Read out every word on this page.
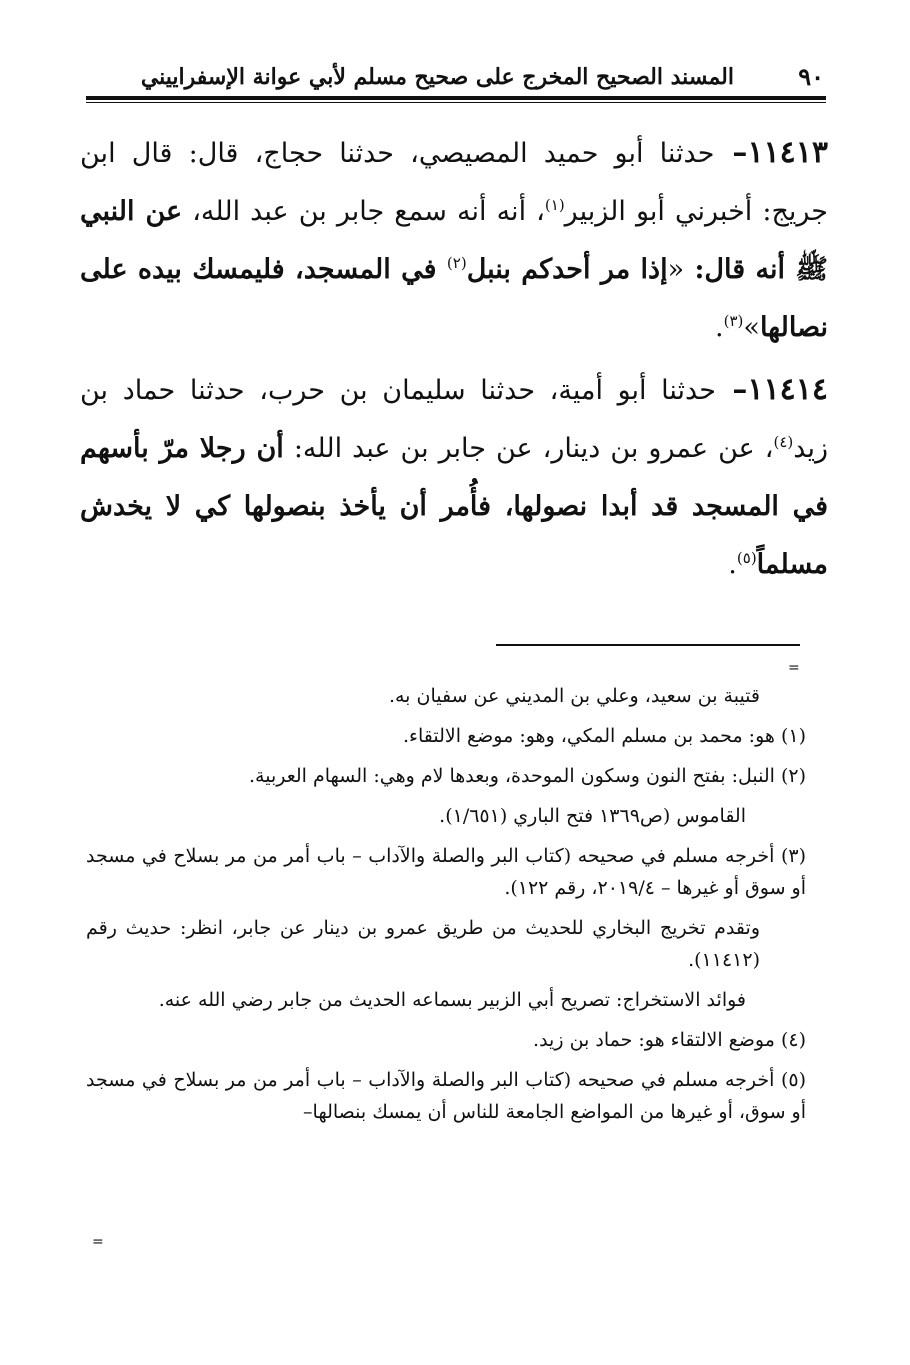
٩٠
المسند الصحيح المخرج على صحيح مسلم لأبي عوانة الإسفراييني

١١٤١٣– حدثنا أبو حميد المصيصي، حدثنا حجاج، قال: قال ابن جريج: أخبرني أبو الزبير$^{(١)}$، أنه أنه سمع جابر بن عبد الله، عن النبي ﷺ أنه قال: «إذا مر أحدكم بنبل$^{(٢)}$ في المسجد، فليمسك بيده على نصالها»$^{(٣)}$.

١١٤١٤– حدثنا أبو أمية، حدثنا سليمان بن حرب، حدثنا حماد بن زيد$^{(٤)}$، عن عمرو بن دينار، عن جابر بن عبد الله: أن رجلا مرّ بأسهم في المسجد قد أبدا نصولها، فأُمر أن يأخذ بنصولها كي لا يخدش مسلماً$^{(٥)}$.

=

قتيبة بن سعيد، وعلي بن المديني عن سفيان به.

(١) هو: محمد بن مسلم المكي، وهو: موضع الالتقاء.

(٢) النبل: بفتح النون وسكون الموحدة، وبعدها لام وهي: السهام العربية.

القاموس (ص١٣٦٩ فتح الباري (١/٦٥١).

(٣) أخرجه مسلم في صحيحه (كتاب البر والصلة والآداب – باب أمر من مر بسلاح في مسجد أو سوق أو غيرها – ٢٠١٩/٤، رقم ١٢٢).

وتقدم تخريج البخاري للحديث من طريق عمرو بن دينار عن جابر، انظر: حديث رقم (١١٤١٢).

فوائد الاستخراج: تصريح أبي الزبير بسماعه الحديث من جابر رضي الله عنه.

(٤) موضع الالتقاء هو: حماد بن زيد.

(٥) أخرجه مسلم في صحيحه (كتاب البر والصلة والآداب – باب أمر من مر بسلاح في مسجد أو سوق، أو غيرها من المواضع الجامعة للناس أن يمسك بنصالها–

=
